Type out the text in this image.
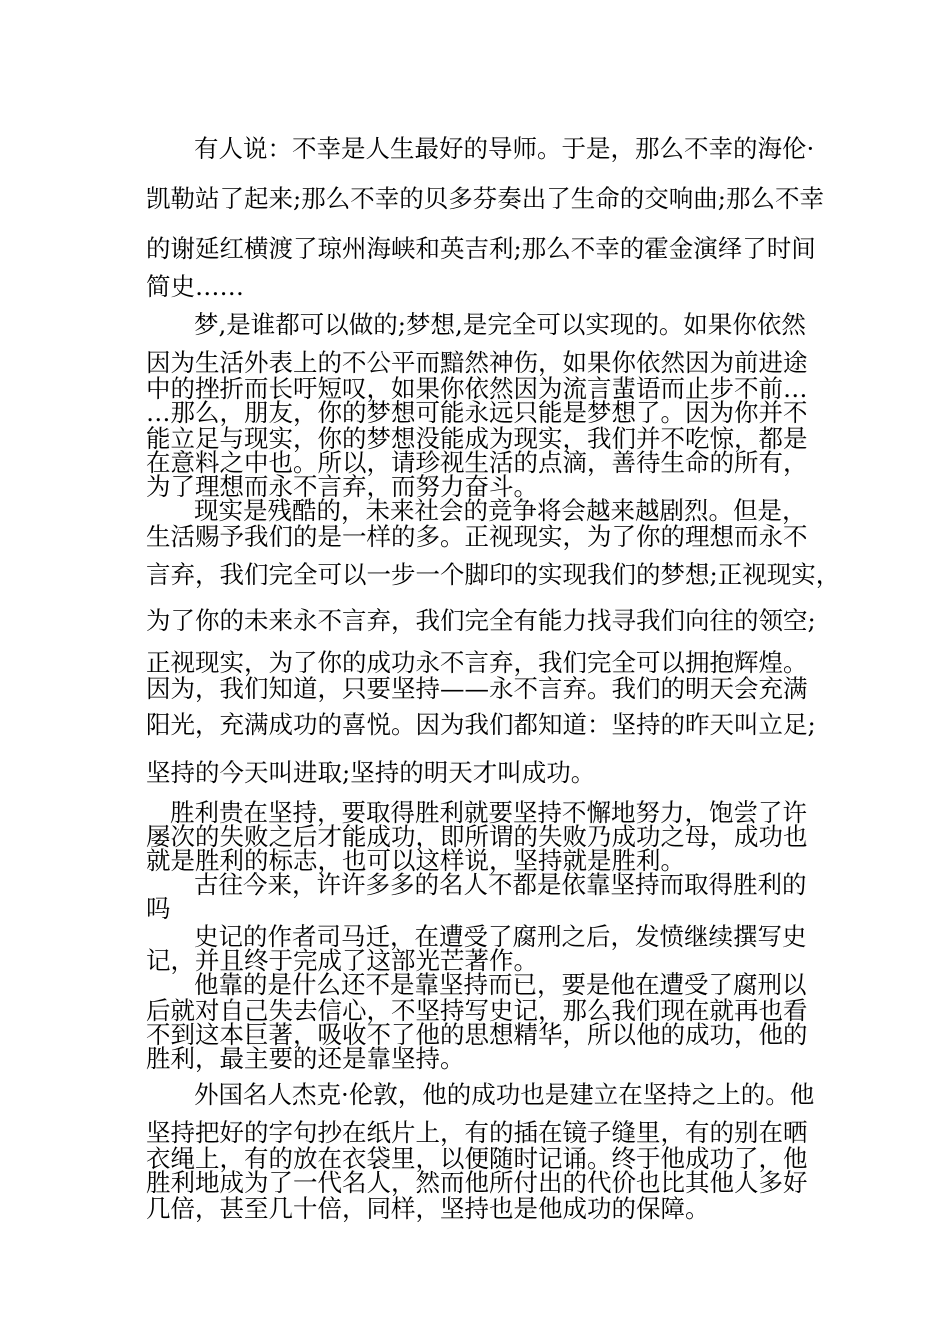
有人说：不幸是人生最好的导师。于是，那么不幸的海伦·
凯勒站了起来;那么不幸的贝多芬奏出了生命的交响曲;那么不幸
的谢延红横渡了琼州海峡和英吉利;那么不幸的霍金演绎了时间
简史……
梦,是谁都可以做的;梦想,是完全可以实现的。如果你依然
因为生活外表上的不公平而黯然神伤，如果你依然因为前进途
中的挫折而长吁短叹，如果你依然因为流言蜚语而止步不前…
…那么，朋友，你的梦想可能永远只能是梦想了。因为你并不
能立足与现实，你的梦想没能成为现实，我们并不吃惊，都是
在意料之中也。所以，请珍视生活的点滴，善待生命的所有，
为了理想而永不言弃，而努力奋斗。
现实是残酷的，未来社会的竞争将会越来越剧烈。但是，
生活赐予我们的是一样的多。正视现实，为了你的理想而永不
言弃，我们完全可以一步一个脚印的实现我们的梦想;正视现实，
为了你的未来永不言弃，我们完全有能力找寻我们向往的领空;
正视现实，为了你的成功永不言弃，我们完全可以拥抱辉煌。
因为，我们知道，只要坚持——永不言弃。我们的明天会充满
阳光，充满成功的喜悦。因为我们都知道：坚持的昨天叫立足;
坚持的今天叫进取;坚持的明天才叫成功。
胜利贵在坚持，要取得胜利就要坚持不懈地努力，饱尝了许
屡次的失败之后才能成功，即所谓的失败乃成功之母，成功也
就是胜利的标志，也可以这样说，坚持就是胜利。
古往今来，许许多多的名人不都是依靠坚持而取得胜利的
吗
史记的作者司马迁，在遭受了腐刑之后，发愤继续撰写史
记，并且终于完成了这部光芒著作。
他靠的是什么还不是靠坚持而已，要是他在遭受了腐刑以
后就对自己失去信心，不坚持写史记，那么我们现在就再也看
不到这本巨著，吸收不了他的思想精华，所以他的成功，他的
胜利，最主要的还是靠坚持。
外国名人杰克·伦敦，他的成功也是建立在坚持之上的。他
坚持把好的字句抄在纸片上，有的插在镜子缝里，有的别在晒
衣绳上，有的放在衣袋里，以便随时记诵。终于他成功了，他
胜利地成为了一代名人，然而他所付出的代价也比其他人多好
几倍，甚至几十倍，同样，坚持也是他成功的保障。
